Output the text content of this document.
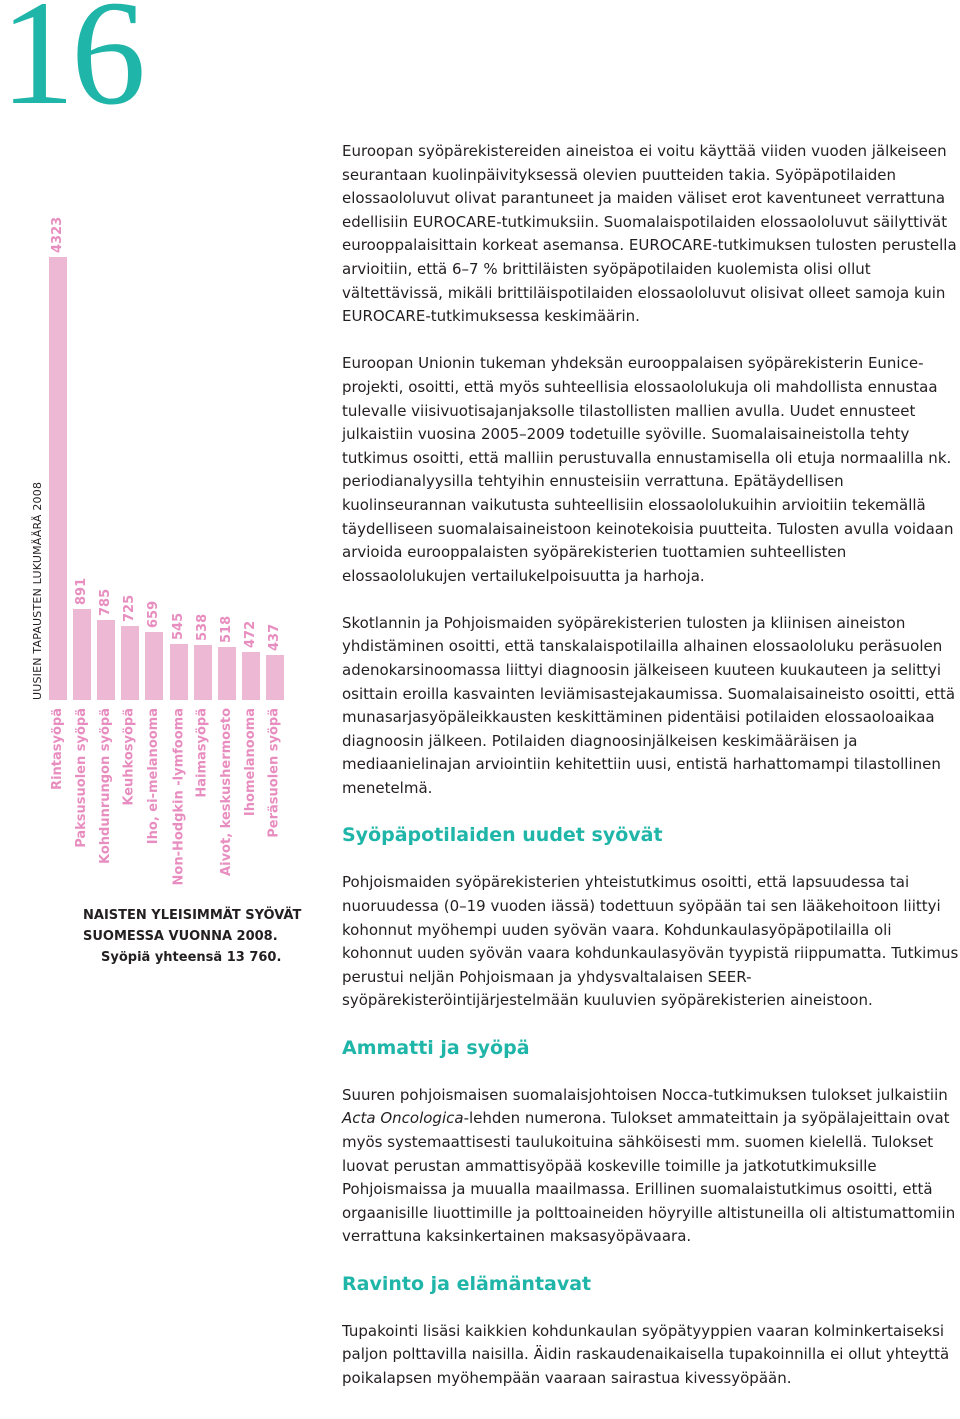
16
UUSIEN TAPAUSTEN LUKUMÄÄRÄ 2008
NAISTEN YLEISIMMÄT SYÖVÄT
SUOMESSA VUONNA 2008.
Syöpiä yhteensä 13 760.
4323
Rintasyöpä
891
Paksusuolen syöpä
785
Kohdunrungon syöpä
725
Keuhkosyöpä
659
Iho, ei-melanooma
545
Non-Hodgkin -lymfooma
538
Haimasyöpä
518
Aivot, keskushermosto
472
Ihomelanooma
437
Peräsuolen syöpä

Euroopan syöpärekistereiden aineistoa ei voitu käyttää viiden vuoden jälkeiseen seurantaan kuolinpäivityksessä olevien puutteiden takia. Syöpäpotilaiden elossaololuvut olivat parantuneet ja maiden väliset erot kaventuneet verrattuna edellisiin EUROCARE-tutkimuksiin. Suomalaispotilaiden elossaololuvut säilyttivät eurooppalaisittain korkeat asemansa. EUROCARE-tutkimuksen tulosten perustella arvioitiin, että 6–7 % brittiläisten syöpäpotilaiden kuolemista olisi ollut vältettävissä, mikäli brittiläispotilaiden elossaololuvut olisivat olleet samoja kuin EUROCARE-tutkimuksessa keskimäärin.

Euroopan Unionin tukeman yhdeksän eurooppalaisen syöpärekisterin Eunice-projekti, osoitti, että myös suhteellisia elossaololukuja oli mahdollista ennustaa tulevalle viisivuotisajanjaksolle tilastollisten mallien avulla. Uudet ennusteet julkaistiin vuosina 2005–2009 todetuille syöville. Suomalaisaineistolla tehty tutkimus osoitti, että malliin perustuvalla ennustamisella oli etuja normaalilla nk. periodianalyysilla tehtyihin ennusteisiin verrattuna. Epätäydellisen kuolinseurannan vaikutusta suhteellisiin elossaololukuihin arvioitiin tekemällä täydelliseen suomalaisaineistoon keinotekoisia puutteita. Tulosten avulla voidaan arvioida eurooppalaisten syöpärekisterien tuottamien suhteellisten elossaololukujen vertailukelpoisuutta ja harhoja.

Skotlannin ja Pohjoismaiden syöpärekisterien tulosten ja kliinisen aineiston yhdistäminen osoitti, että tanskalaispotilailla alhainen elossaololuku peräsuolen adenokarsinoomassa liittyi diagnoosin jälkeiseen kuuteen kuukauteen ja selittyi osittain eroilla kasvainten leviämisastejakaumissa. Suomalaisaineisto osoitti, että munasarjasyöpäleikkausten keskittäminen pidentäisi potilaiden elossaoloaikaa diagnoosin jälkeen. Potilaiden diagnoosinjälkeisen keskimääräisen ja mediaanielinajan arviointiin kehitettiin uusi, entistä harhattomampi tilastollinen menetelmä.

Syöpäpotilaiden uudet syövät

Pohjoismaiden syöpärekisterien yhteistutkimus osoitti, että lapsuudessa tai nuoruudessa (0–19 vuoden iässä) todettuun syöpään tai sen lääkehoitoon liittyi kohonnut myöhempi uuden syövän vaara. Kohdunkaulasyöpäpotilailla oli kohonnut uuden syövän vaara kohdunkaulasyövän tyypistä riippumatta. Tutkimus perustui neljän Pohjoismaan ja yhdysvaltalaisen SEER-syöpärekisteröintijärjestelmään kuuluvien syöpärekisterien aineistoon.

Ammatti ja syöpä

Suuren pohjoismaisen suomalaisjohtoisen Nocca-tutkimuksen tulokset julkaistiin Acta Oncologica-lehden numerona. Tulokset ammateittain ja syöpälajeittain ovat myös systemaattisesti taulukoituina sähköisesti mm. suomen kielellä. Tulokset luovat perustan ammattisyöpää koskeville toimille ja jatkotutkimuksille Pohjoismaissa ja muualla maailmassa. Erillinen suomalaistutkimus osoitti, että orgaanisille liuottimille ja polttoaineiden höyryille altistuneilla oli altistumattomiin verrattuna kaksinkertainen maksasyöpävaara.

Ravinto ja elämäntavat

Tupakointi lisäsi kaikkien kohdunkaulan syöpätyyppien vaaran kolminkertaiseksi paljon polttavilla naisilla. Äidin raskaudenaikaisella tupakoinnilla ei ollut yhteyttä poikalapsen myöhempään vaaraan sairastua kivessyöpään.
